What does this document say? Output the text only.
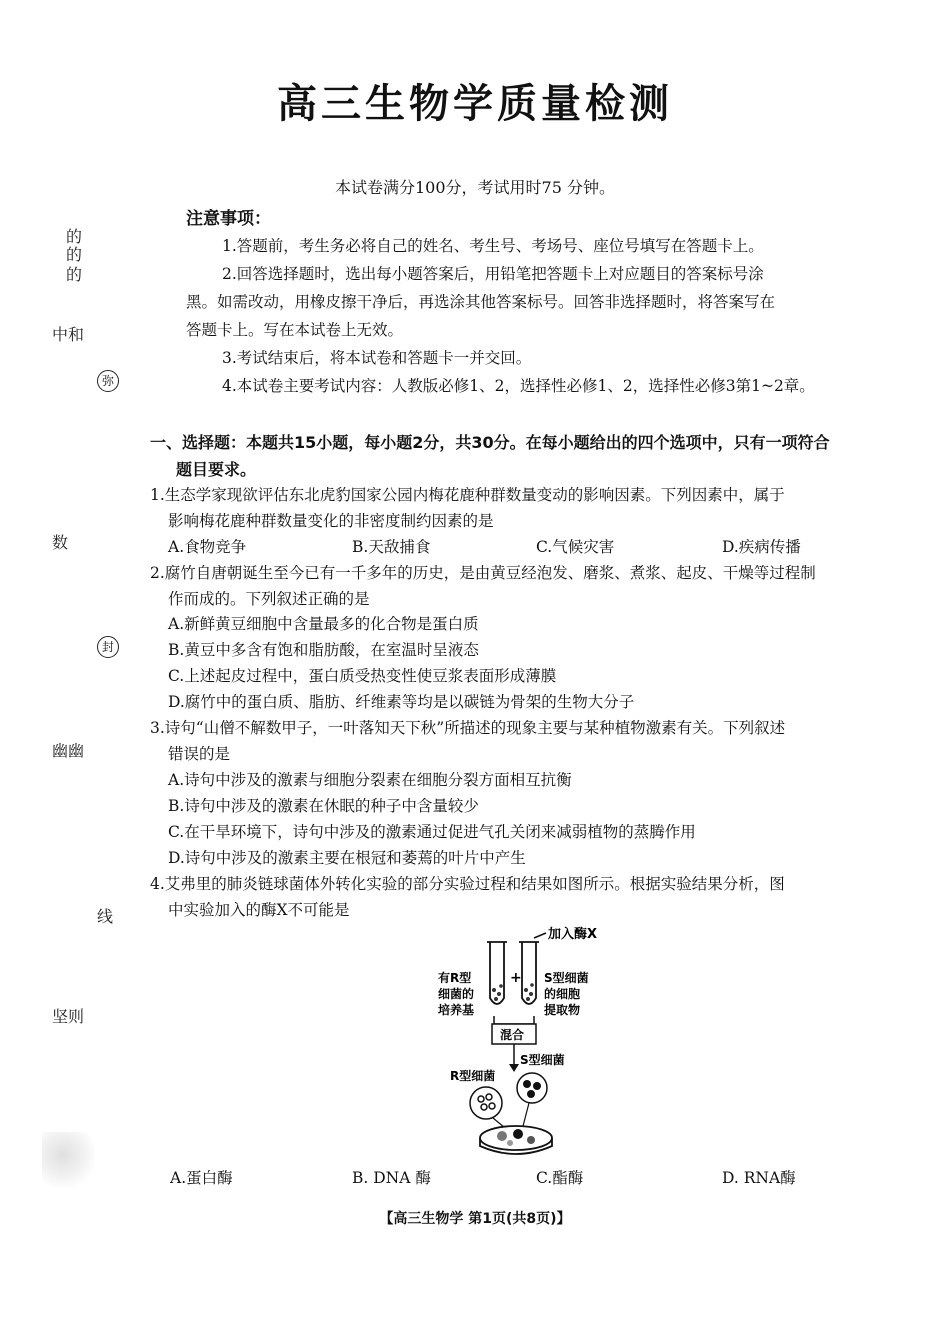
高三生物学质量检测
本试卷满分100分，考试用时75 分钟。
注意事项：
1.答题前，考生务必将自己的姓名、考生号、考场号、座位号填写在答题卡上。
2.回答选择题时，选出每小题答案后，用铅笔把答题卡上对应题目的答案标号涂
黑。如需改动，用橡皮擦干净后，再选涂其他答案标号。回答非选择题时，将答案写在
答题卡上。写在本试卷上无效。
3.考试结束后，将本试卷和答题卡一并交回。
4.本试卷主要考试内容：人教版必修1、2，选择性必修1、2，选择性必修3第1~2章。
的
的
的
中和
弥
数
封
幽幽
线
坚则
一、选择题：本题共15小题，每小题2分，共30分。在每小题给出的四个选项中，只有一项符合
题目要求。
1.生态学家现欲评估东北虎豹国家公园内梅花鹿种群数量变动的影响因素。下列因素中，属于
影响梅花鹿种群数量变化的非密度制约因素的是
A.食物竞争	B.天敌捕食	C.气候灾害	D.疾病传播
2.腐竹自唐朝诞生至今已有一千多年的历史，是由黄豆经泡发、磨浆、煮浆、起皮、干燥等过程制
作而成的。下列叙述正确的是
A.新鲜黄豆细胞中含量最多的化合物是蛋白质
B.黄豆中多含有饱和脂肪酸，在室温时呈液态
C.上述起皮过程中，蛋白质受热变性使豆浆表面形成薄膜
D.腐竹中的蛋白质、脂肪、纤维素等均是以碳链为骨架的生物大分子
3.诗句“山僧不解数甲子，一叶落知天下秋”所描述的现象主要与某种植物激素有关。下列叙述
错误的是
A.诗句中涉及的激素与细胞分裂素在细胞分裂方面相互抗衡
B.诗句中涉及的激素在休眠的种子中含量较少
C.在干旱环境下，诗句中涉及的激素通过促进气孔关闭来减弱植物的蒸腾作用
D.诗句中涉及的激素主要在根冠和萎蔫的叶片中产生
4.艾弗里的肺炎链球菌体外转化实验的部分实验过程和结果如图所示。根据实验结果分析，图
中实验加入的酶X不可能是
加入酶X
+
有R型
细菌的
培养基
S型细菌
的细胞
提取物
混合
S型细菌
R型细菌
A.蛋白酶	B. DNA 酶	C.酯酶	D. RNA酶
【高三生物学 第1页(共8页)】
